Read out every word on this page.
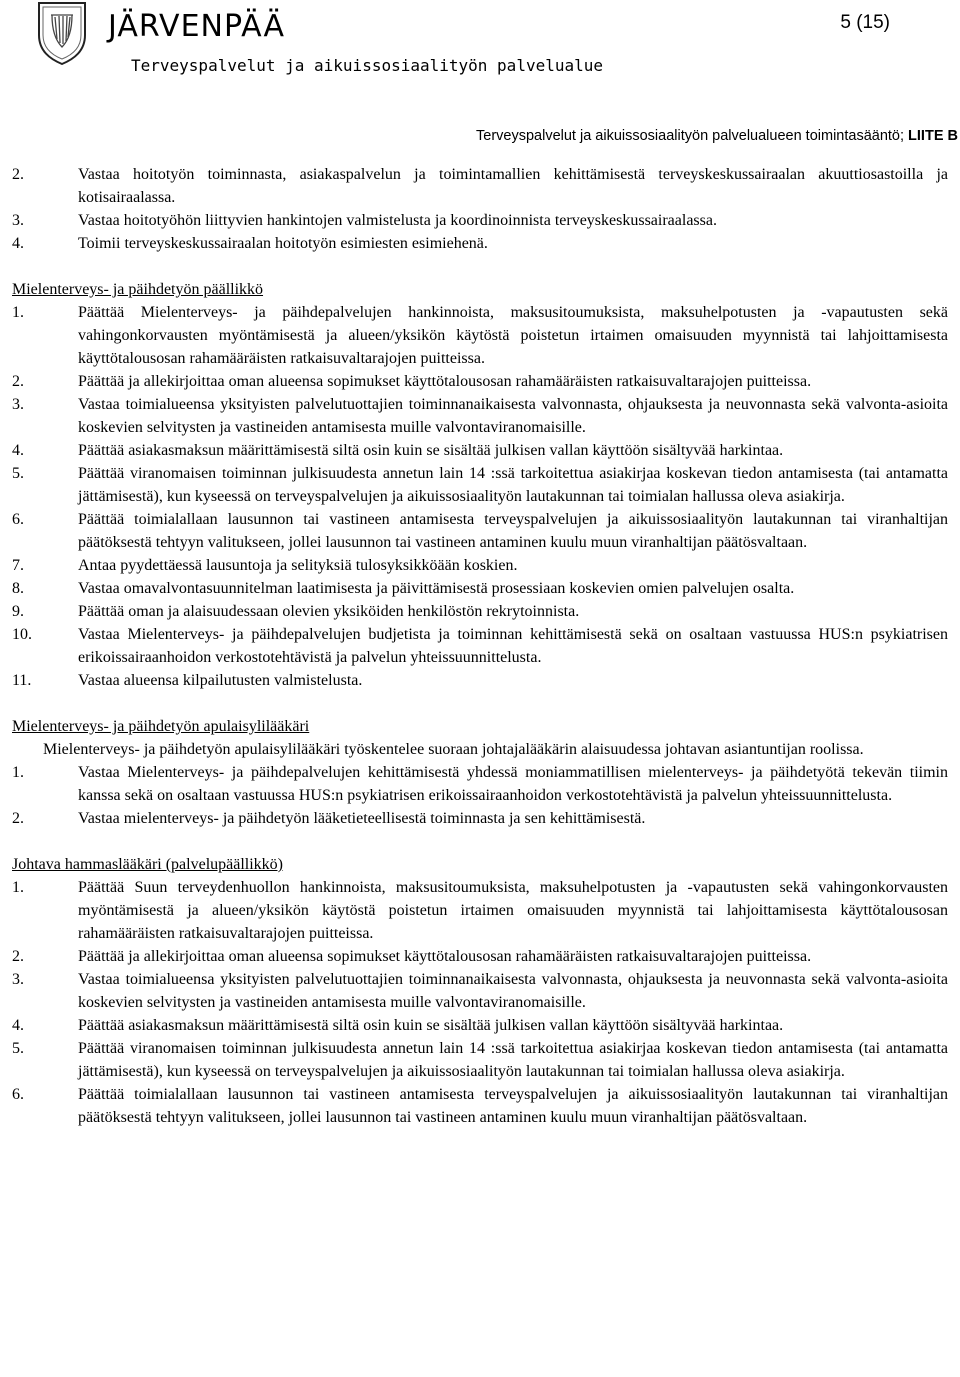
JÄRVENPÄÄ
Terveyspalvelut ja aikuissosiaalityön palvelualue
5 (15)
Terveyspalvelut ja aikuissosiaalityön palvelualueen toimintasääntö; LIITE B
2.	Vastaa hoitotyön toiminnasta, asiakaspalvelun ja toimintamallien kehittämisestä terveyskeskussairaalan akuuttiosastoilla ja kotisairaalassa.
3.	Vastaa hoitotyöhön liittyvien hankintojen valmistelusta ja koordinoinnista terveyskeskussairaalassa.
4.	Toimii terveyskeskussairaalan hoitotyön esimiesten esimiehenä.
Mielenterveys- ja päihdetyön päällikkö
1.	Päättää Mielenterveys- ja päihdepalvelujen hankinnoista, maksusitoumuksista, maksuhelpotusten ja -vapautusten sekä vahingonkorvausten myöntämisestä ja alueen/yksikön käytöstä poistetun irtaimen omaisuuden myynnistä tai lahjoittamisesta käyttötalousosan rahamääräisten ratkaisuvaltarajojen puitteissa.
2.	Päättää ja allekirjoittaa oman alueensa sopimukset käyttötalousosan rahamääräisten ratkaisuvaltarajojen puitteissa.
3.	Vastaa toimialueensa yksityisten palvelutuottajien toiminnanaikaisesta valvonnasta, ohjauksesta ja neuvonnasta sekä valvonta-asioita koskevien selvitysten ja vastineiden antamisesta muille valvontaviranomaisille.
4.	Päättää asiakasmaksun määrittämisestä siltä osin kuin se sisältää julkisen vallan käyttöön sisältyvää harkintaa.
5.	Päättää viranomaisen toiminnan julkisuudesta annetun lain 14 :ssä tarkoitettua asiakirjaa koskevan tiedon antamisesta (tai antamatta jättämisestä), kun kyseessä on terveyspalvelujen ja aikuissosiaalityön lautakunnan tai toimialan hallussa oleva asiakirja.
6.	Päättää toimialallaan lausunnon tai vastineen antamisesta terveyspalvelujen ja aikuissosiaalityön lautakunnan tai viranhaltijan päätöksestä tehtyyn valitukseen, jollei lausunnon tai vastineen antaminen kuulu muun viranhaltijan päätösvaltaan.
7.	Antaa pyydettäessä lausuntoja ja selityksiä tulosyksikköään koskien.
8.	Vastaa omavalvontasuunnitelman laatimisesta ja päivittämisestä prosessiaan koskevien omien palvelujen osalta.
9.	Päättää oman ja alaisuudessaan olevien yksiköiden henkilöstön rekrytoinnista.
10.	Vastaa Mielenterveys- ja päihdepalvelujen budjetista ja toiminnan kehittämisestä sekä on osaltaan vastuussa HUS:n psykiatrisen erikoissairaanhoidon verkostotehtävistä ja palvelun yhteissuunnittelusta.
11.	Vastaa alueensa kilpailutusten valmistelusta.
Mielenterveys- ja päihdetyön apulaisylilääkäri
Mielenterveys- ja päihdetyön apulaisylilääkäri työskentelee suoraan johtajalääkärin alaisuudessa johtavan asiantuntijan roolissa.
1.	Vastaa Mielenterveys- ja päihdepalvelujen kehittämisestä yhdessä moniammatillisen mielenterveys- ja päihdetyötä tekevän tiimin kanssa sekä on osaltaan vastuussa HUS:n psykiatrisen erikoissairaanhoidon verkostotehtävistä ja palvelun yhteissuunnittelusta.
2.	Vastaa mielenterveys- ja päihdetyön lääketieteellisestä toiminnasta ja sen kehittämisestä.
Johtava hammaslääkäri (palvelupäällikkö)
1.	Päättää Suun terveydenhuollon hankinnoista, maksusitoumuksista, maksuhelpotusten ja -vapautusten sekä vahingonkorvausten myöntämisestä ja alueen/yksikön käytöstä poistetun irtaimen omaisuuden myynnistä tai lahjoittamisesta käyttötalousosan rahamääräisten ratkaisuvaltarajojen puitteissa.
2.	Päättää ja allekirjoittaa oman alueensa sopimukset käyttötalousosan rahamääräisten ratkaisuvaltarajojen puitteissa.
3.	Vastaa toimialueensa yksityisten palvelutuottajien toiminnanaikaisesta valvonnasta, ohjauksesta ja neuvonnasta sekä valvonta-asioita koskevien selvitysten ja vastineiden antamisesta muille valvontaviranomaisille.
4.	Päättää asiakasmaksun määrittämisestä siltä osin kuin se sisältää julkisen vallan käyttöön sisältyvää harkintaa.
5.	Päättää viranomaisen toiminnan julkisuudesta annetun lain 14 :ssä tarkoitettua asiakirjaa koskevan tiedon antamisesta (tai antamatta jättämisestä), kun kyseessä on terveyspalvelujen ja aikuissosiaalityön lautakunnan tai toimialan hallussa oleva asiakirja.
6.	Päättää toimialallaan lausunnon tai vastineen antamisesta terveyspalvelujen ja aikuissosiaalityön lautakunnan tai viranhaltijan päätöksestä tehtyyn valitukseen, jollei lausunnon tai vastineen antaminen kuulu muun viranhaltijan päätösvaltaan.
